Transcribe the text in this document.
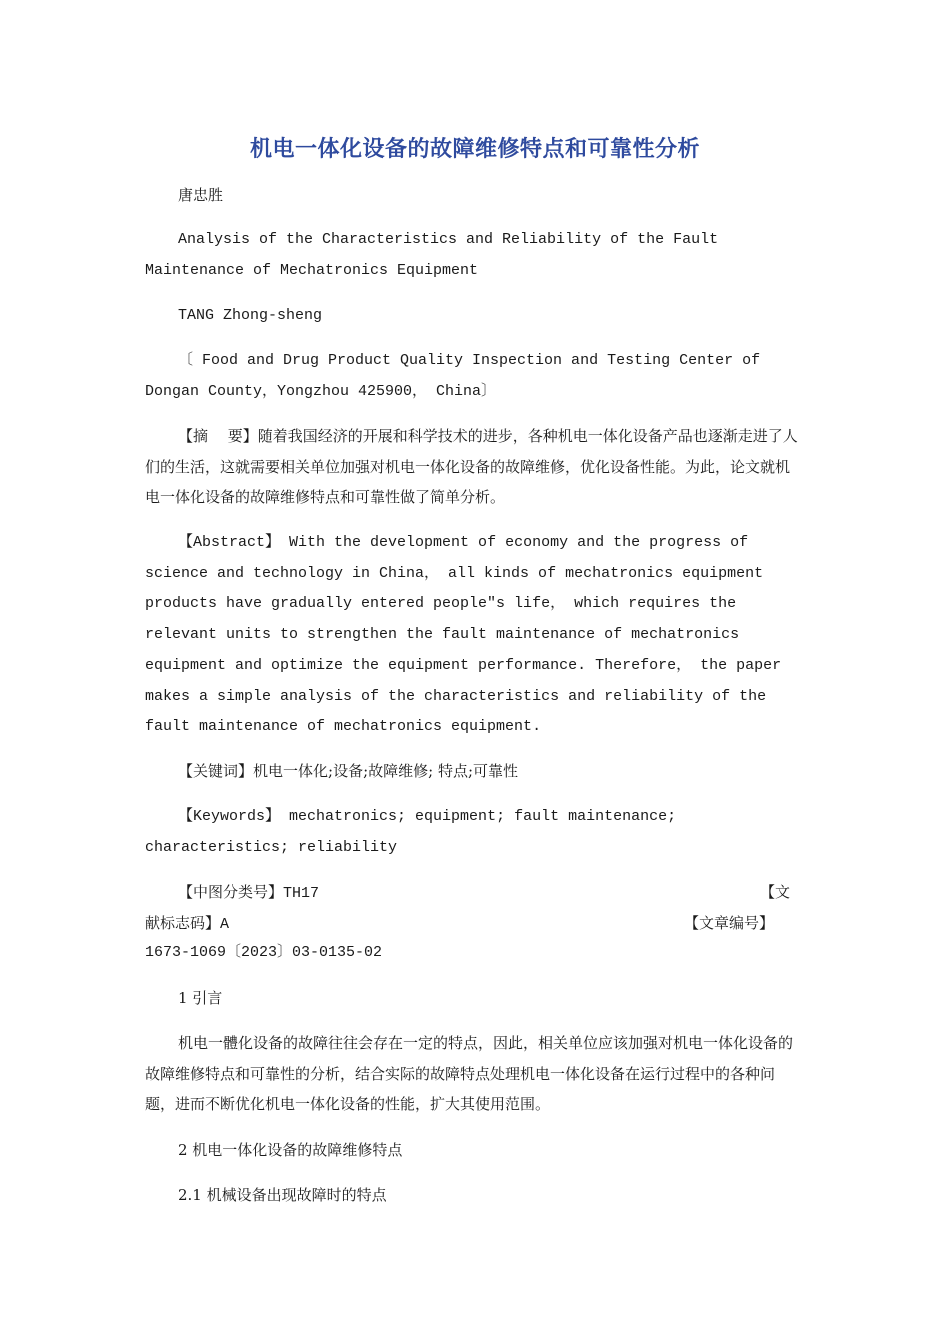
机电一体化设备的故障维修特点和可靠性分析

唐忠胜

Analysis of the Characteristics and Reliability of the Fault Maintenance of Mechatronics Equipment

TANG Zhong-sheng

〔 Food and Drug Product Quality Inspection and Testing Center of Dongan County，Yongzhou 425900， China〕

【摘　 要】随着我国经济的开展和科学技术的进步，各种机电一体化设备产品也逐渐走进了人们的生活，这就需要相关单位加强对机电一体化设备的故障维修，优化设备性能。为此，论文就机电一体化设备的故障维修特点和可靠性做了简单分析。

【Abstract】 With the development of economy and the progress of science and technology in China， all kinds of mechatronics equipment products have gradually entered people″s life， which requires the relevant units to strengthen the fault maintenance of mechatronics equipment and optimize the equipment performance. Therefore， the paper makes a simple analysis of the characteristics and reliability of the fault maintenance of mechatronics equipment.

【关键词】机电一体化;设备;故障维修; 特点;可靠性

【Keywords】 mechatronics; equipment; fault maintenance; characteristics; reliability

【中图分类号】TH17	【文
献标志码】A	【文章编号】
1673-1069〔2023〕03-0135-02

1 引言

机电一體化设备的故障往往会存在一定的特点，因此，相关单位应该加强对机电一体化设备的故障维修特点和可靠性的分析，结合实际的故障特点处理机电一体化设备在运行过程中的各种问题，进而不断优化机电一体化设备的性能，扩大其使用范围。

2 机电一体化设备的故障维修特点

2.1 机械设备出现故障时的特点
